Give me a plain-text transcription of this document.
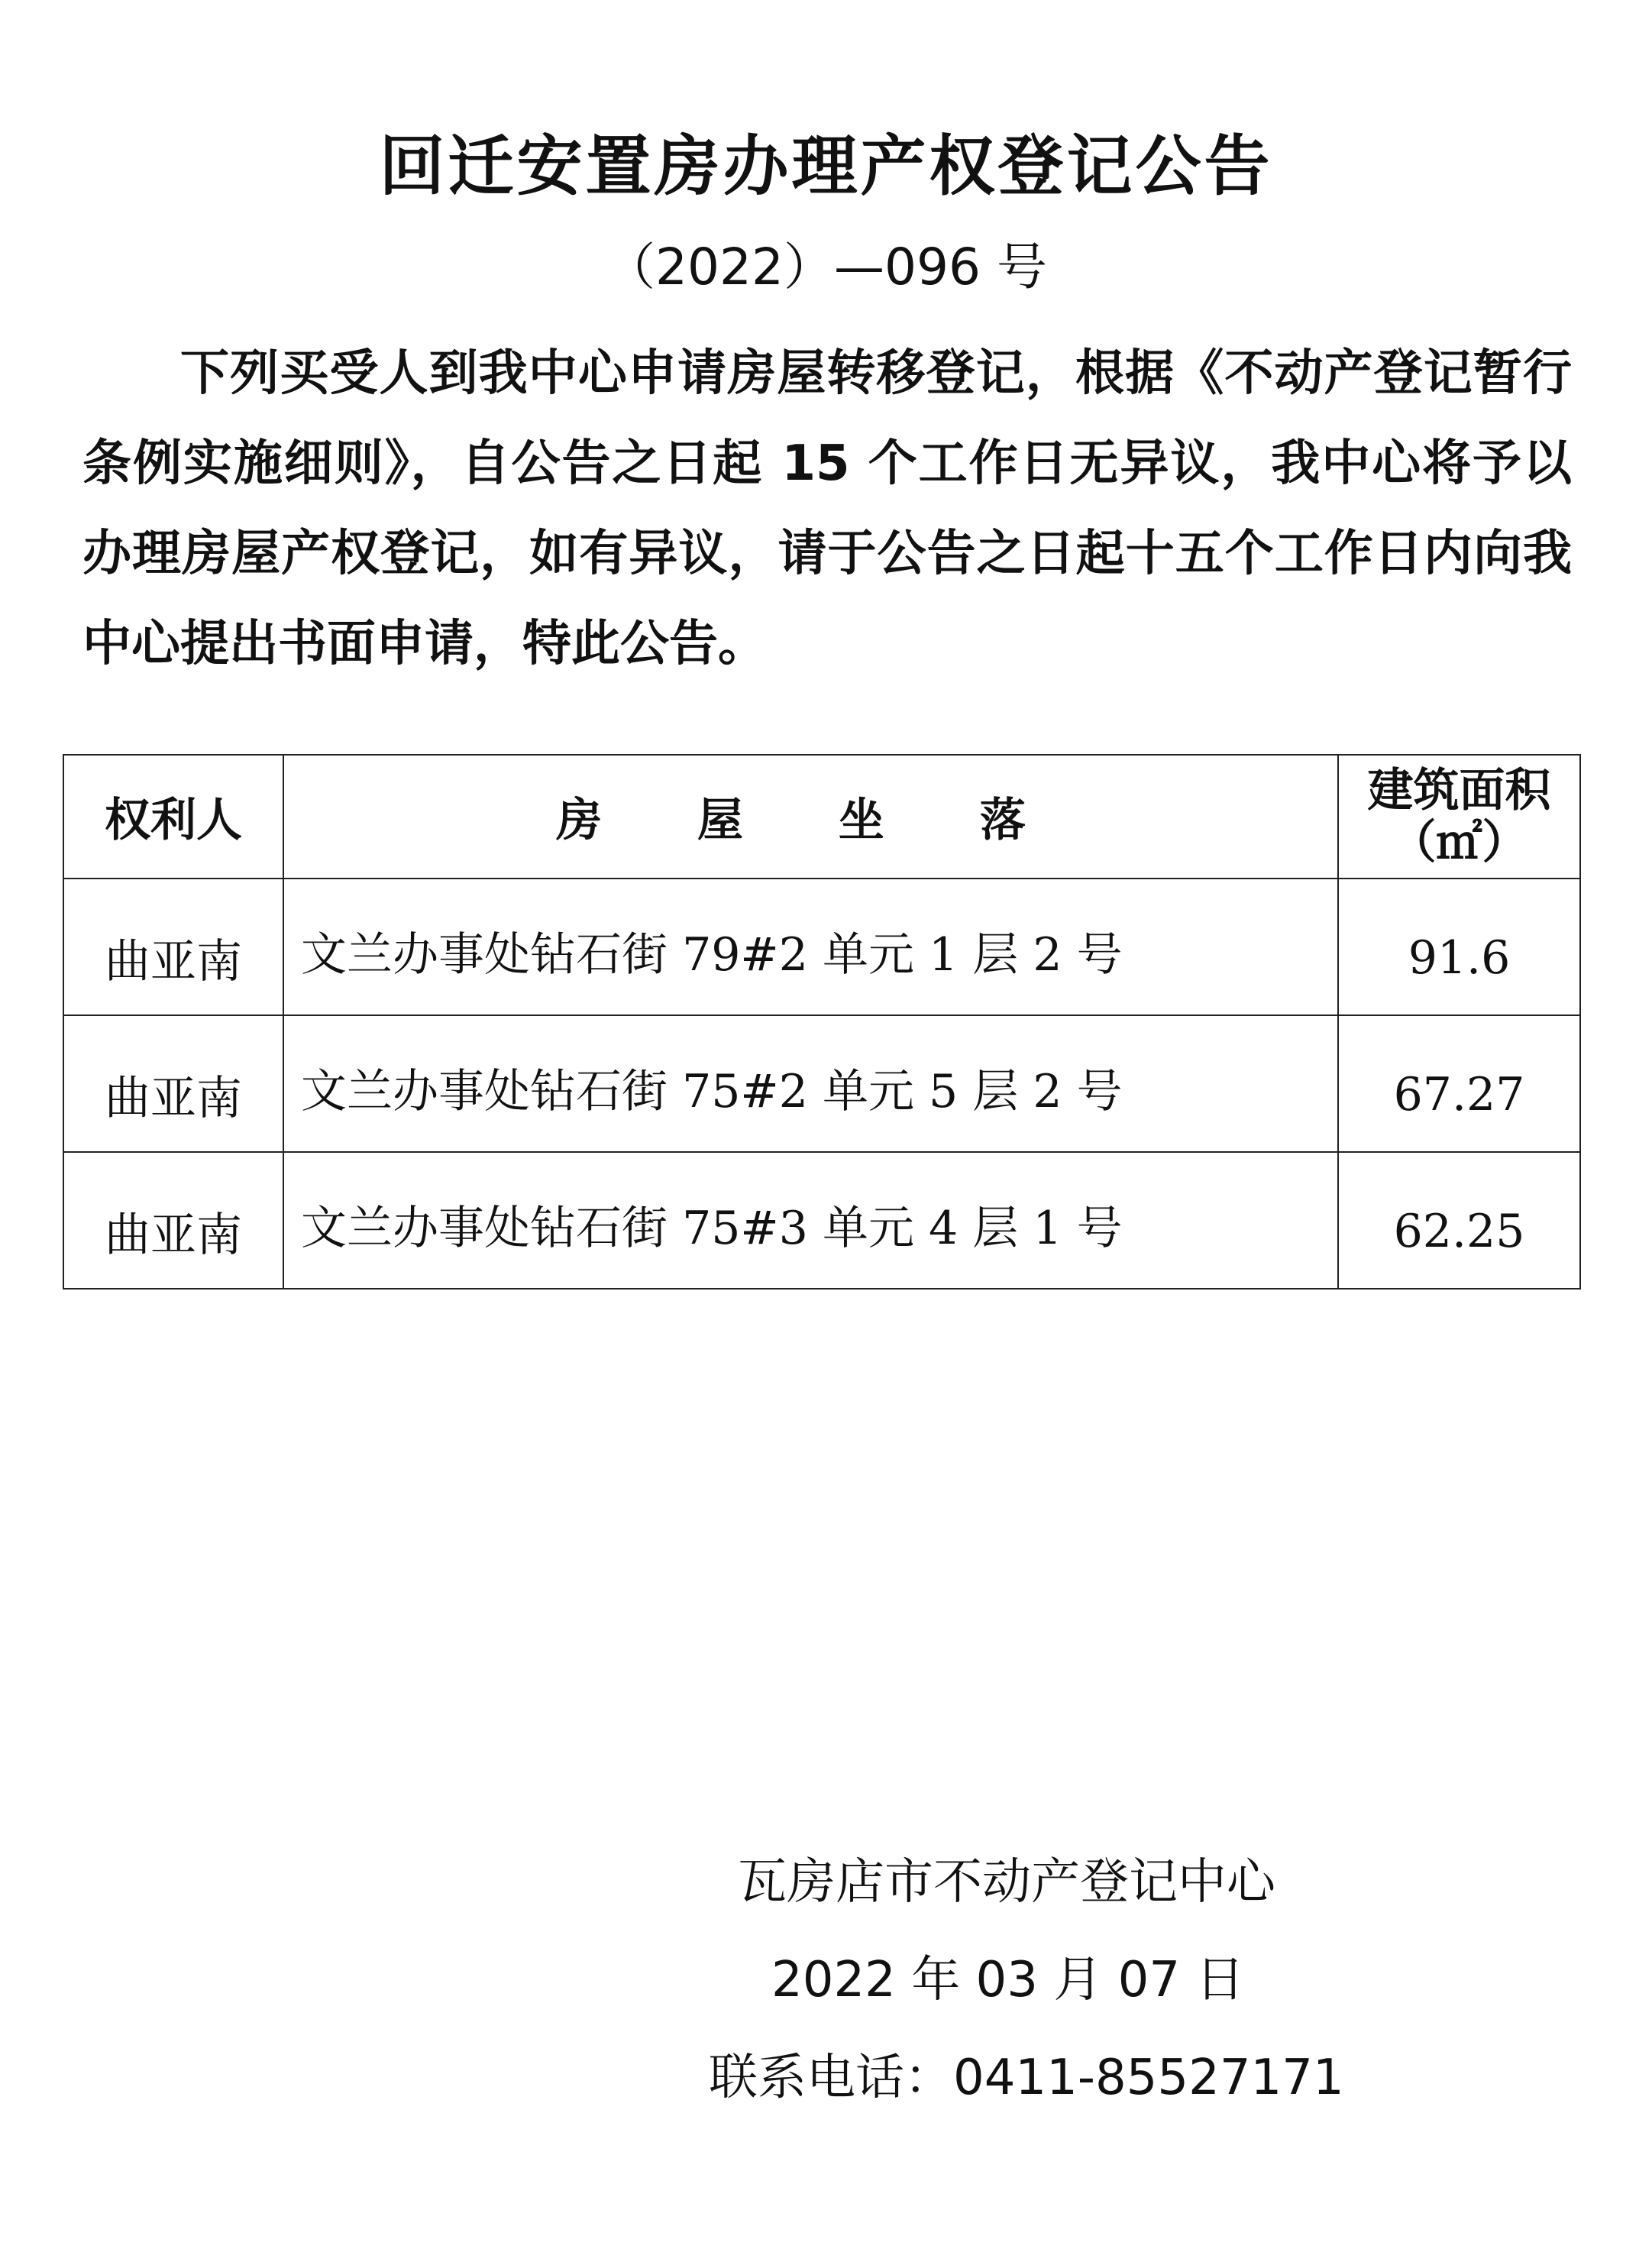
回迁安置房办理产权登记公告
（2022）—096 号
下列买受人到我中心申请房屋转移登记，根据《不动产登记暂行条例实施细则》，自公告之日起 15 个工作日无异议，我中心将予以办理房屋产权登记，如有异议，请于公告之日起十五个工作日内向我中心提出书面申请，特此公告。
权利人	房 屋 坐 落	建筑面积
（㎡）

曲亚南	文兰办事处钻石街 79#2 单元 1 层 2 号	91.6
曲亚南	文兰办事处钻石街 75#2 单元 5 层 2 号	67.27
曲亚南	文兰办事处钻石街 75#3 单元 4 层 1 号	62.25
瓦房店市不动产登记中心
2022 年 03 月 07 日
联系电话：0411-85527171
